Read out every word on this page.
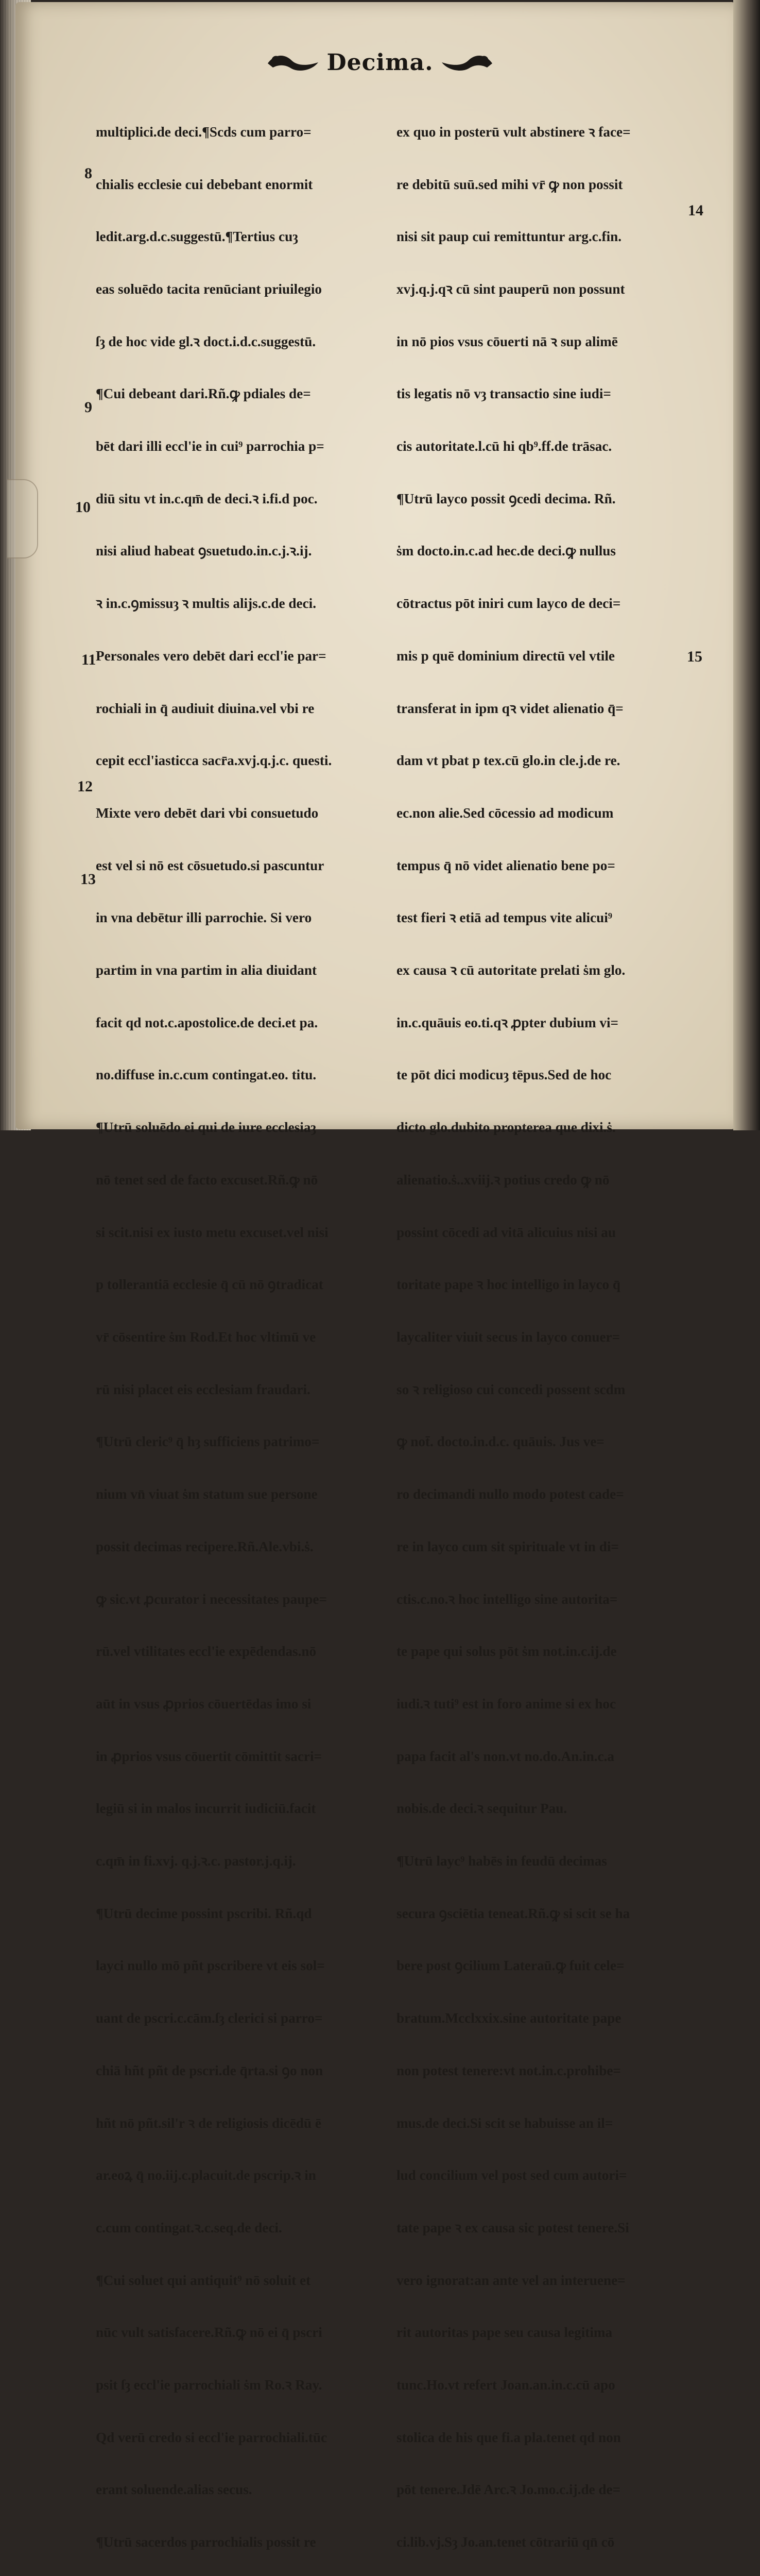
Decima.

multiplici.de deci.¶Scds cum parro=

chialis ecclesie cui debebant enormit

ledit.arg.d.c.suggestū.¶Tertius cuȝ

eas soluēdo tacita renūciant priuilegio

ſȝ de hoc vide gl.ꝛ doct.i.d.c.suggestū.

¶Cui debeant dari.Rñ.ꝙ pdiales de=

bēt dari illi eccl'ie in cui⁹ parrochia p=

diū situ vt in.c.qm̄ de deci.ꝛ i.fi.d poc.

nisi aliud habeat ꝯsuetudo.in.c.j.ꝛ.ij.

ꝛ in.c.ꝯmissuȝ ꝛ multis alijs.c.de deci.

Personales vero debēt dari eccl'ie par=

rochiali in q̄ audiuit diuina.vel vbi re

cepit eccl'iasticca sacr̄a.xvj.q.j.c. questi.

Mixte vero debēt dari vbi consuetudo

est vel si nō est cōsuetudo.si pascuntur

in vna debētur illi parrochie. Si vero

partim in vna partim in alia diuidant

facit qd not.c.apostolice.de deci.et pa.

no.diffuse in.c.cum contingat.eo. titu.

¶Utrū soluēdo ei qui de iure ecclesiaȝ

nō tenet sed de facto excuset.Rñ.ꝙ nō

si scit.nisi ex iusto metu excuset.vel nisi

p tollerantiā ecclesie q̄ cū nō ꝯtradicat

vr̄ cōsentire ṡm Rod.Et hoc vltimū ve

rū nisi placet eis ecclesiam fraudari.

¶Utrū cleric⁹ q̄ hȝ sufficiens patrimo=

nium vn̄ viuat ṡm statum sue persone

possit decimas recipere.Rñ.Ale.vbi.ṡ.

ꝙ sic.vt ꝓcurator i necessitates paupe=

rū.vel vtilitates eccl'ie expēdendas.nō

aūt in vsus ꝓprios cōuertēdas imo si

in ꝓprios vsus cōuertit cōmittit sacri=

legiū si in malos incurrit iudiciū.facit

c.qm̄ in fi.xvj. q.j.ꝛ.c. pastor.j.q.ij.

¶Utrū decime possint pscribi. Rñ.qd

layci nullo mō pñt pscribere vt eis sol=

uant de pscri.c.cām.ſȝ clerici si parro=

chiā hñt pñt de pscri.de q̄rta.si ꝯo non

hñt nō pñt.sil'r ꝛ de religiosis dicēdū ē

ar.eoꝝ q̄ no.iij.c.placuit.de pscrip.ꝛ in

c.cum contingat.ꝛ.c.seq.de deci.

¶Cui soluet qui antiquit⁹ nō soluit et

nūc vult satisfacere.Rñ.ꝙ nō ei q̄ pscri

psit ſȝ eccl'ie parrochiali ṡm Ro.ꝛ Ray.

Qd verū credo si eccl'ie parrochiali.tūc

erant soluende.alias secus.

¶Utrū sacerdos parrochialis possit re

ex quo in posterū vult abstinere ꝛ face=

re debitū suū.sed mihi vr̄ ꝙ non possit

nisi sit paup cui remittuntur arg.c.fin.

xvj.q.j.qꝛ cū sint pauperū non possunt

in nō pios vsus cōuerti nā ꝛ sup alimē

tis legatis nō vȝ transactio sine iudi=

cis autoritate.l.cū hi qb⁹.ff.de trāsac.

¶Utrū layco possit ꝯcedi decima. Rñ.

ṡm docto.in.c.ad hec.de deci.ꝙ nullus

cōtractus pōt iniri cum layco de deci=

mis p quē dominium directū vel vtile

transferat in ipm qꝛ videt alienatio q̄=

dam vt pbat p tex.cū glo.in cle.j.de re.

ec.non alie.Sed cōcessio ad modicum

tempus q̄ nō videt alienatio bene po=

test fieri ꝛ etiā ad tempus vite alicui⁹

ex causa ꝛ cū autoritate prelati ṡm glo.

in.c.quāuis eo.ti.qꝛ ꝓpter dubium vi=

te pōt dici modicuȝ tēpus.Sed de hoc

dicto glo.dubito propterea que dixi.ṡ.

alienatio.ṡ..xviij.ꝛ potius credo ꝙ nō

possint cōcedi ad vitā alicuius nisi au

toritate pape ꝛ hoc intelligo in layco q̄

laycaliter viuit secus in layco conuer=

so ꝛ religioso cui concedi possent scdm

ꝙ not̄. docto.in.d.c. quāuis. Jus ve=

ro decimandi nullo modo potest cade=

re in layco cum sit spirituale vt in di=

ctis.c.no.ꝛ hoc intelligo sine autorita=

te pape qui solus pōt ṡm not.in.c.ij.de

iudi.ꝛ tuti⁹ est in foro anime si ex hoc

papa facit al's non.vt no.do.An.in.c.a

nobis.de deci.ꝛ sequitur Pau.

¶Utrū layc⁹ habēs in feudū decimas

secura ꝯsciētia teneat.Rñ.ꝙ si scit se ha

bere post ꝯcilium Lateraū.ꝙ fuit cele=

bratum.Mcclxxix.sine autoritate pape

non potest tenere:vt not.in.c.prohibe=

mus.de deci.Si scit se habuisse an il=

lud concilium vel post sed cum autori=

tate pape ꝛ ex causa sic potest tenere.Si

vero ignorat:an ante vel an interuene=

rit autoritas pape seu causa legitima

tunc.Ho.vt refert Joan.an.in.c.cū apo

stolica de his que fi.a pla.tenet qd non

pōt tenere.Jdē Arc.ꝛ Jo.mo.c.ij.de de=

ci.lib.vj.Sȝ Jo.an.tenet cōtrariū qn̄ cō

8
9
10
11
12
13
14
15
